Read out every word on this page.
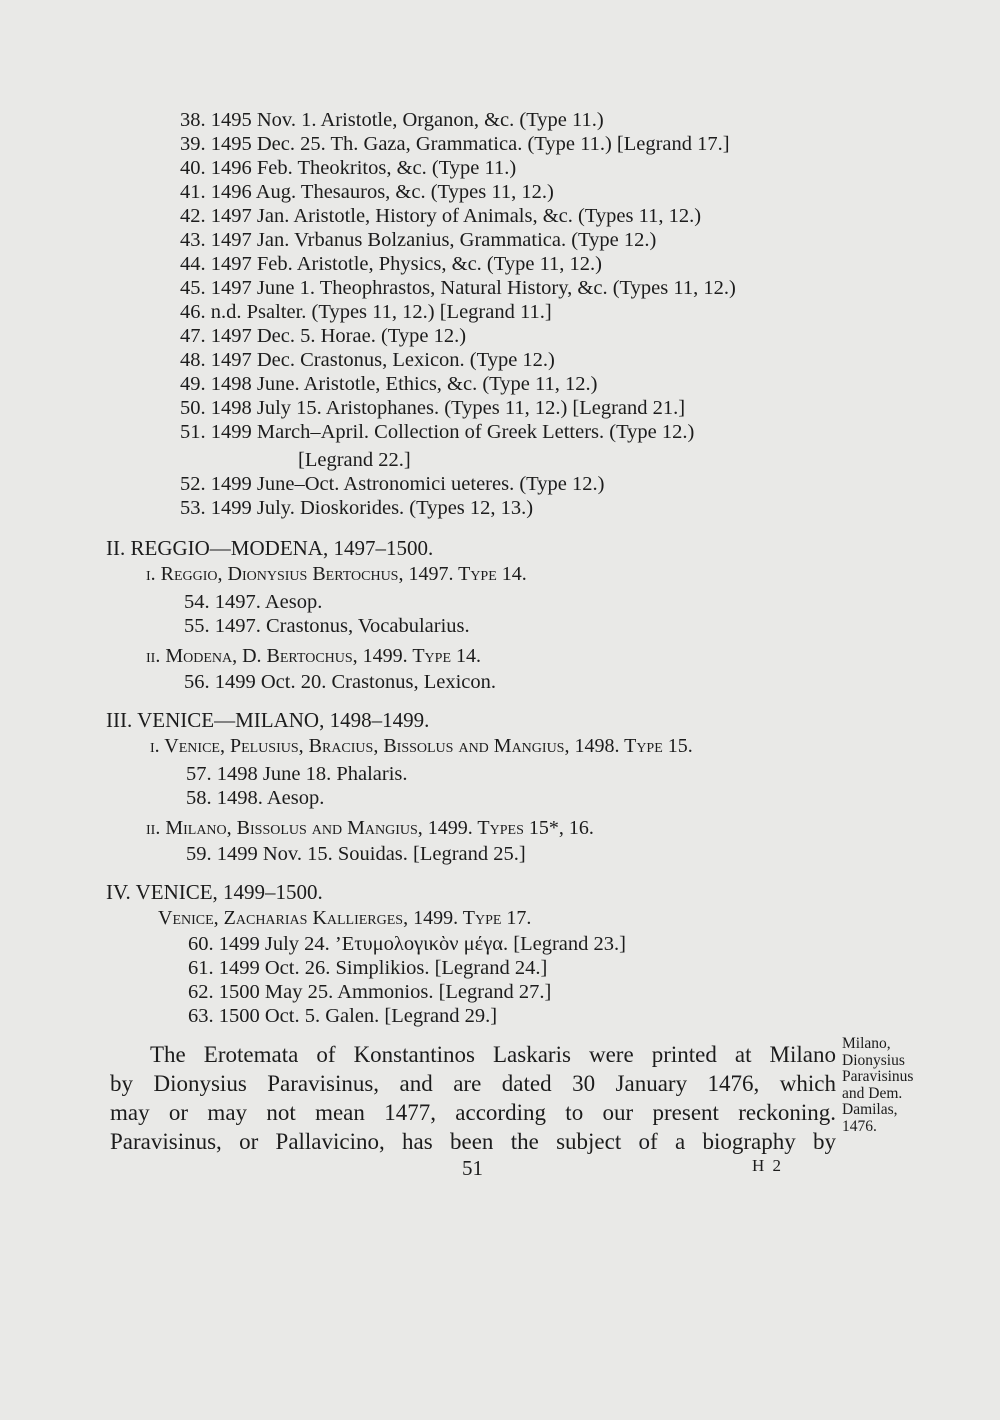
38. 1495 Nov. 1. Aristotle, Organon, &c. (Type 11.)
39. 1495 Dec. 25. Th. Gaza, Grammatica. (Type 11.) [Legrand 17.]
40. 1496 Feb. Theokritos, &c. (Type 11.)
41. 1496 Aug. Thesauros, &c. (Types 11, 12.)
42. 1497 Jan. Aristotle, History of Animals, &c. (Types 11, 12.)
43. 1497 Jan. Vrbanus Bolzanius, Grammatica. (Type 12.)
44. 1497 Feb. Aristotle, Physics, &c. (Type 11, 12.)
45. 1497 June 1. Theophrastos, Natural History, &c. (Types 11, 12.)
46. n.d. Psalter. (Types 11, 12.) [Legrand 11.]
47. 1497 Dec. 5. Horae. (Type 12.)
48. 1497 Dec. Crastonus, Lexicon. (Type 12.)
49. 1498 June. Aristotle, Ethics, &c. (Type 11, 12.)
50. 1498 July 15. Aristophanes. (Types 11, 12.) [Legrand 21.]
51. 1499 March–April. Collection of Greek Letters. (Type 12.)
[Legrand 22.]
52. 1499 June–Oct. Astronomici ueteres. (Type 12.)
53. 1499 July. Dioskorides. (Types 12, 13.)
II. REGGIO—MODENA, 1497–1500.
i. Reggio, Dionysius Bertochus, 1497. Type 14.
54. 1497. Aesop.
55. 1497. Crastonus, Vocabularius.
ii. Modena, D. Bertochus, 1499. Type 14.
56. 1499 Oct. 20. Crastonus, Lexicon.
III. VENICE—MILANO, 1498–1499.
i. Venice, Pelusius, Bracius, Bissolus and Mangius, 1498. Type 15.
57. 1498 June 18. Phalaris.
58. 1498. Aesop.
ii. Milano, Bissolus and Mangius, 1499. Types 15*, 16.
59. 1499 Nov. 15. Souidas. [Legrand 25.]
IV. VENICE, 1499–1500.
Venice, Zacharias Kallierges, 1499. Type 17.
60. 1499 July 24. ’Ετυμολογικὸν μέγα. [Legrand 23.]
61. 1499 Oct. 26. Simplikios. [Legrand 24.]
62. 1500 May 25. Ammonios. [Legrand 27.]
63. 1500 Oct. 5. Galen. [Legrand 29.]
The Erotemata of Konstantinos Laskaris were printed at Milano
by Dionysius Paravisinus, and are dated 30 January 1476, which
may or may not mean 1477, according to our present reckoning.
Paravisinus, or Pallavicino, has been the subject of a biography by
Milano,
Dionysius
Paravisinus
and Dem.
Damilas,
1476.
51	H 2
